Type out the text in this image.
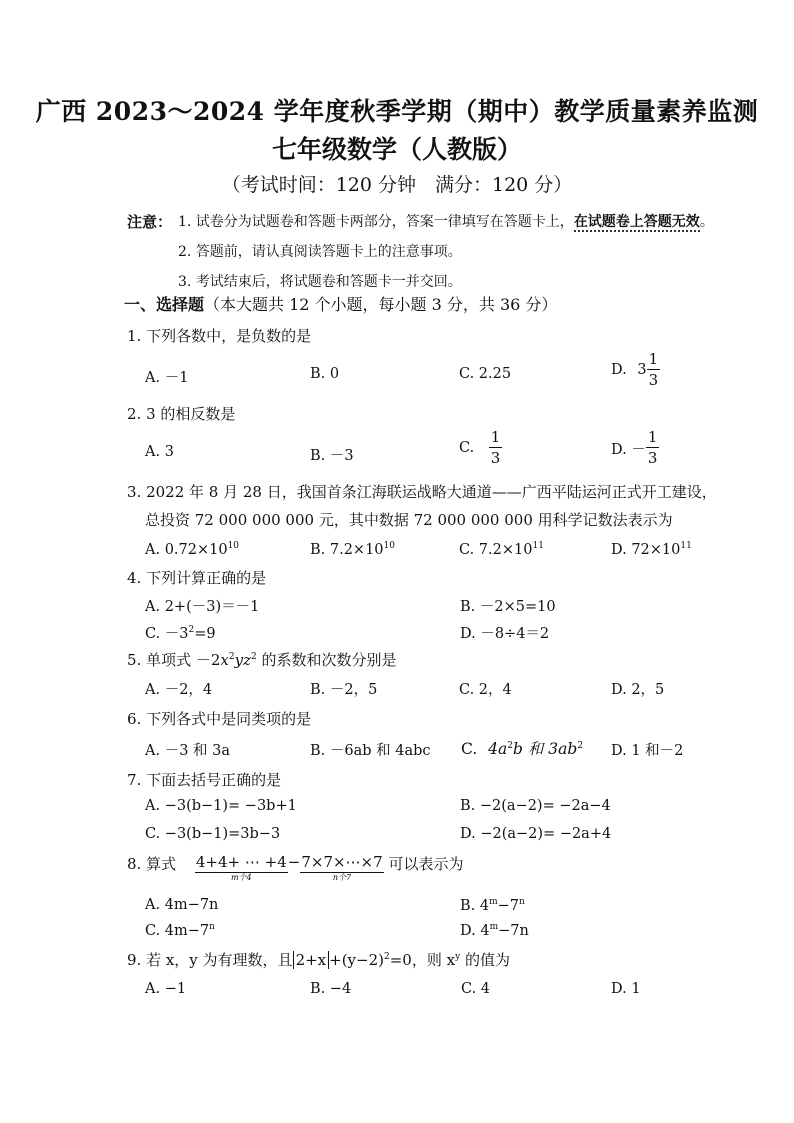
广西 2023～2024 学年度秋季学期（期中）教学质量素养监测
七年级数学（人教版）
（考试时间：120 分钟　满分：120 分）
注意： 1. 试卷分为试题卷和答题卡两部分，答案一律填写在答题卡上，在试题卷上答题无效。
2. 答题前，请认真阅读答题卡上的注意事项。
3. 考试结束后，将试题卷和答题卡一并交回。
一、选择题（本大题共 12 个小题，每小题 3 分，共 36 分）
1. 下列各数中，是负数的是
A. －1	B. 0	C. 2.25	D. $3 \frac{1}{3}$
2. 3 的相反数是
A. 3	B. －3	C. $\frac{1}{3}$	D. － $\frac{1}{3}$
3. 2022 年 8 月 28 日，我国首条江海联运战略大通道——广西平陆运河正式开工建设，
总投资 72 000 000 000 元，其中数据 72 000 000 000 用科学记数法表示为
A. $0.72\times 10^{10}$	B. $7.2\times 10^{10}$	C. $7.2\times 10^{11}$	D. $72\times 10^{11}$
4. 下列计算正确的是
A. 2+(－3)＝－1	B. －2×5=10
C. $-3^2=9$	D. －8÷4＝2
5. 单项式 $-2x^2yz^2$ 的系数和次数分别是
A. －2，4	B. －2，5	C. 2，4	D. 2，5
6. 下列各式中是同类项的是
A. －3 和 3a	B. －6ab 和 4abc C. $4a^2b$ 和 $3ab^2$ D. 1 和－2
7. 下面去括号正确的是
A. −3(b−1)= −3b+1	B. −2(a−2)= −2a−4
C. −3(b−1)=3b−3	D. −2(a−2)= −2a+4
8. 算式 4+4+ ⋯ +4
m个4
− 7×7×⋯×7
n个7
可以表示为
A. 4m−7n	B. $4^m-7^n$
C. $4m-7^n$	D. $4^m-7n$
9. 若 x，y 为有理数，且 $2+x +(y-2)^2=0$，则 $x^y$ 的值为
A. −1	B. −4	C. 4	D. 1
